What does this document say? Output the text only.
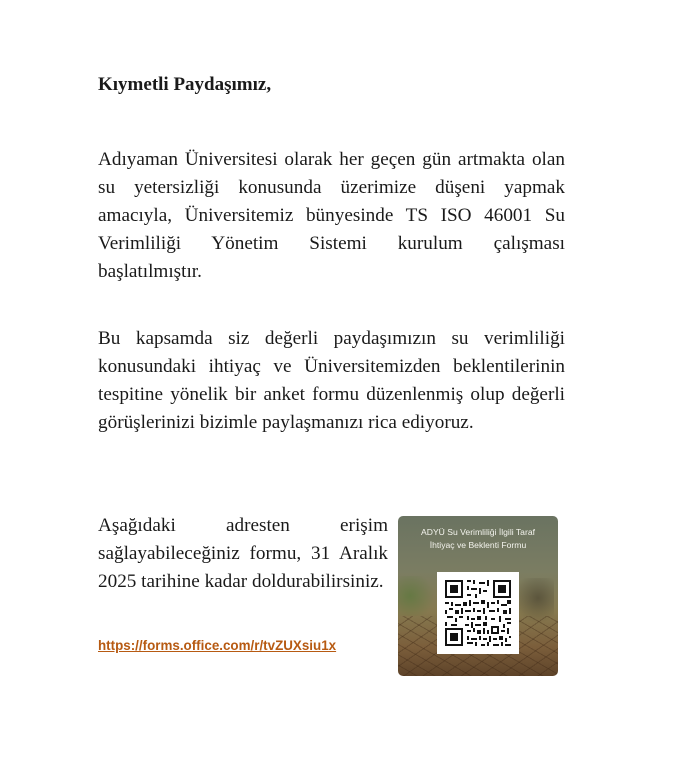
Kıymetli Paydaşımız,

Adıyaman Üniversitesi olarak her geçen gün artmakta olan su yetersizliği konusunda üzerimize düşeni yapmak amacıyla, Üniversitemiz bünyesinde TS ISO 46001 Su Verimliliği Yönetim Sistemi kurulum çalışması başlatılmıştır.

Bu kapsamda siz değerli paydaşımızın su verimliliği konusundaki ihtiyaç ve Üniversitemizden beklentilerinin tespitine yönelik bir anket formu düzenlenmiş olup değerli görüşlerinizi bizimle paylaşmanızı rica ediyoruz.

Aşağıdaki adresten erişim sağlayabileceğiniz formu, 31 Aralık 2025 tarihine kadar doldurabilirsiniz.

https://forms.office.com/r/tvZUXsiu1x
ADYÜ Su Verimliliği İlgili Taraf
İhtiyaç ve Beklenti Formu
